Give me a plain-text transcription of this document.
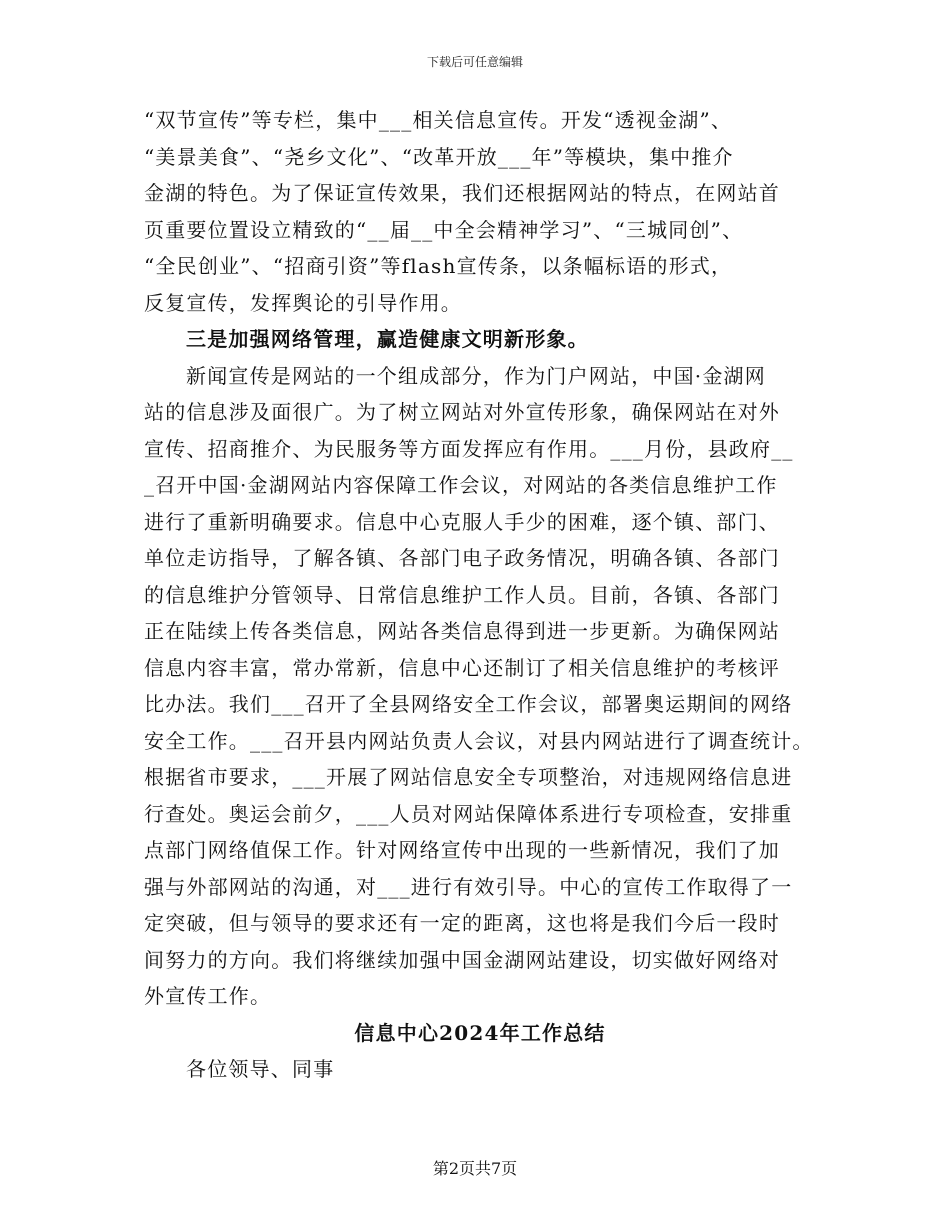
下载后可任意编辑
“双节宣传”等专栏，集中___相关信息宣传。开发“透视金湖”、
“美景美食”、“尧乡文化”、“改革开放___年”等模块，集中推介
金湖的特色。为了保证宣传效果，我们还根据网站的特点，在网站首
页重要位置设立精致的“__届__中全会精神学习”、“三城同创”、
“全民创业”、“招商引资”等flash宣传条，以条幅标语的形式，
反复宣传，发挥舆论的引导作用。
三是加强网络管理，赢造健康文明新形象。
新闻宣传是网站的一个组成部分，作为门户网站，中国·金湖网
站的信息涉及面很广。为了树立网站对外宣传形象，确保网站在对外
宣传、招商推介、为民服务等方面发挥应有作用。___月份，县政府__
_召开中国·金湖网站内容保障工作会议，对网站的各类信息维护工作
进行了重新明确要求。信息中心克服人手少的困难，逐个镇、部门、
单位走访指导，了解各镇、各部门电子政务情况，明确各镇、各部门
的信息维护分管领导、日常信息维护工作人员。目前，各镇、各部门
正在陆续上传各类信息，网站各类信息得到进一步更新。为确保网站
信息内容丰富，常办常新，信息中心还制订了相关信息维护的考核评
比办法。我们___召开了全县网络安全工作会议，部署奥运期间的网络
安全工作。___召开县内网站负责人会议，对县内网站进行了调查统计。
根据省市要求，___开展了网站信息安全专项整治，对违规网络信息进
行查处。奥运会前夕，___人员对网站保障体系进行专项检查，安排重
点部门网络值保工作。针对网络宣传中出现的一些新情况，我们了加
强与外部网站的沟通，对___进行有效引导。中心的宣传工作取得了一
定突破，但与领导的要求还有一定的距离，这也将是我们今后一段时
间努力的方向。我们将继续加强中国金湖网站建设，切实做好网络对
外宣传工作。
信息中心2024年工作总结
各位领导、同事
第2页共7页
